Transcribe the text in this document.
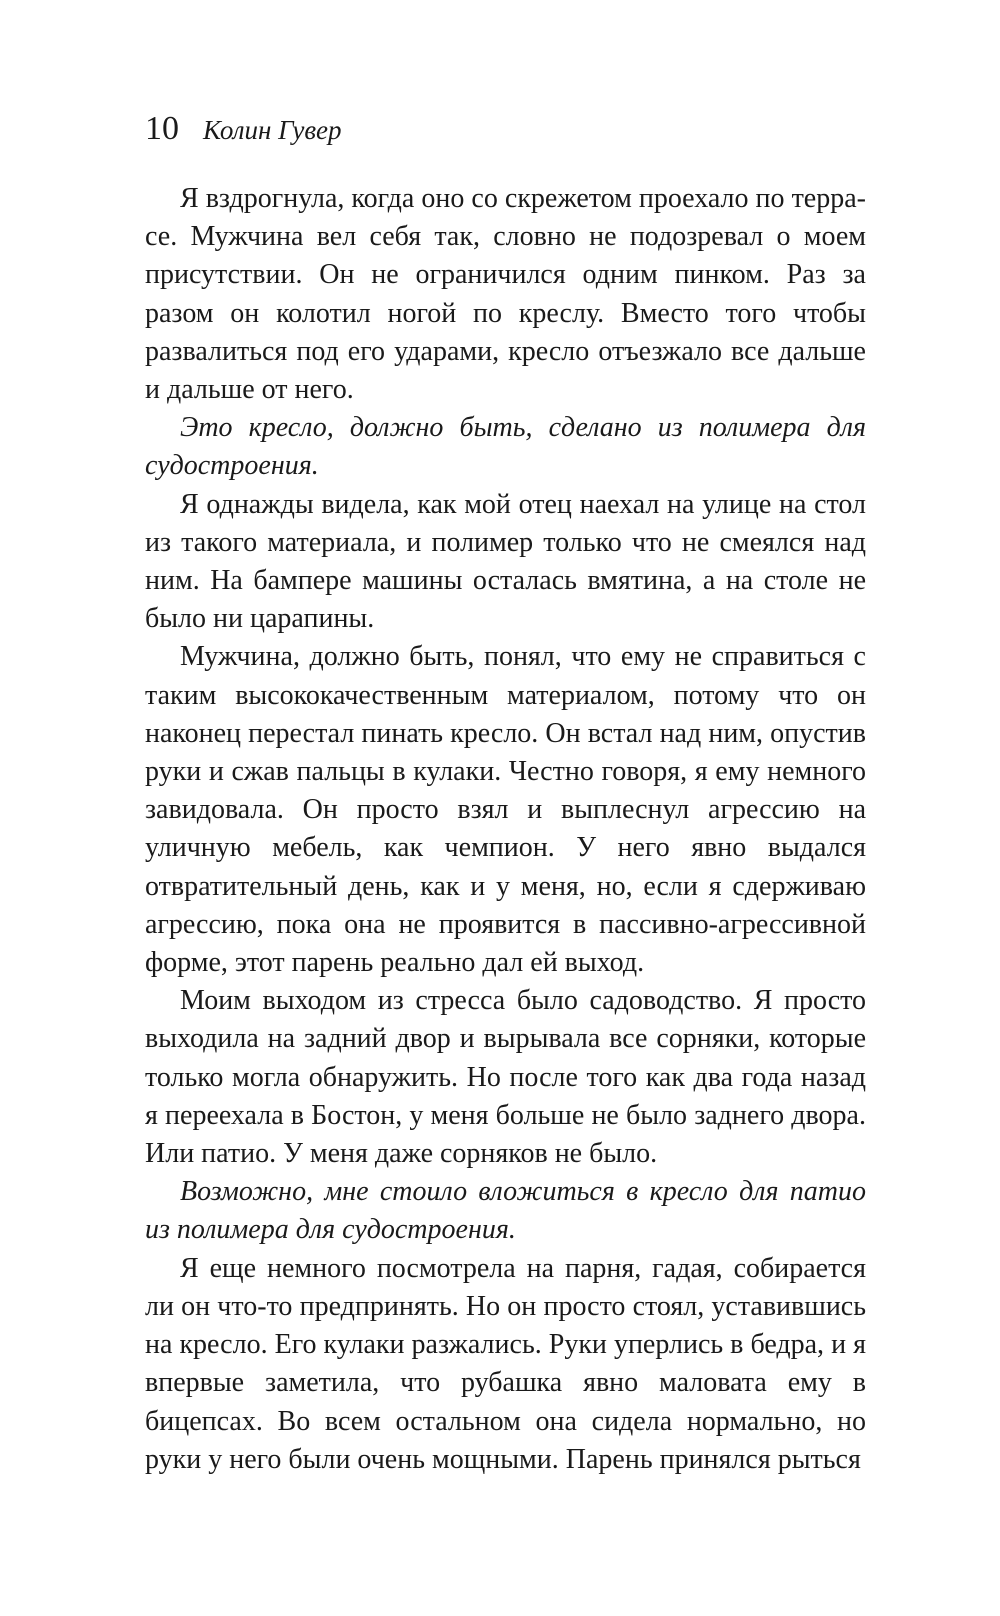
10 Колин Гувер

Я вздрогнула, когда оно со скрежетом проехало по террасе. Мужчина вел себя так, словно не подозревал о моем присутствии. Он не ограничился одним пинком. Раз за разом он колотил ногой по креслу. Вместо того чтобы развалиться под его ударами, кресло отъезжало все дальше и дальше от него.

Это кресло, должно быть, сделано из полимера для судостроения.

Я однажды видела, как мой отец наехал на улице на стол из такого материала, и полимер только что не смеялся над ним. На бампере машины осталась вмятина, а на столе не было ни царапины.

Мужчина, должно быть, понял, что ему не справиться с таким высококачественным материалом, потому что он наконец перестал пинать кресло. Он встал над ним, опустив руки и сжав пальцы в кулаки. Честно говоря, я ему немного завидовала. Он просто взял и выплеснул агрессию на уличную мебель, как чемпион. У него явно выдался отвратительный день, как и у меня, но, если я сдерживаю агрессию, пока она не проявится в пассивно-агрессивной форме, этот парень реально дал ей выход.

Моим выходом из стресса было садоводство. Я просто выходила на задний двор и вырывала все сорняки, которые только могла обнаружить. Но после того как два года назад я переехала в Бостон, у меня больше не было заднего двора. Или патио. У меня даже сорняков не было.

Возможно, мне стоило вложиться в кресло для патио из полимера для судостроения.

Я еще немного посмотрела на парня, гадая, собирается ли он что-то предпринять. Но он просто стоял, уставившись на кресло. Его кулаки разжались. Руки уперлись в бедра, и я впервые заметила, что рубашка явно маловата ему в бицепсах. Во всем остальном она сидела нормально, но руки у него были очень мощными. Парень принялся рыться
